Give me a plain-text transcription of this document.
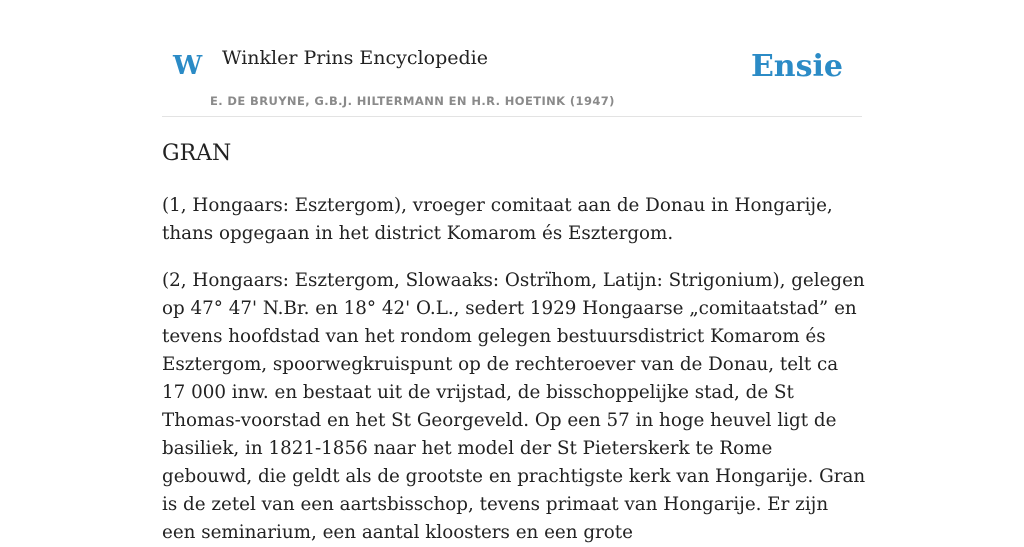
W Winkler Prins Encyclopedie
E. DE BRUYNE, G.B.J. HILTERMANN EN H.R. HOETINK (1947)
Ensie
GRAN

(1, Hongaars: Esztergom), vroeger comitaat aan de Donau in Hongarije, thans opgegaan in het district Komarom és Esztergom.

(2, Hongaars: Esztergom, Slowaaks: Ostrïhom, Latijn: Strigonium), gelegen op 47° 47' N.Br. en 18° 42' O.L., sedert 1929 Hongaarse „comitaatstad” en tevens hoofdstad van het rondom gelegen bestuursdistrict Komarom és Esztergom, spoorwegkruispunt op de rechteroever van de Donau, telt ca 17 000 inw. en bestaat uit de vrijstad, de bisschoppelijke stad, de St Thomas-voorstad en het St Georgeveld. Op een 57 in hoge heuvel ligt de basiliek, in 1821-1856 naar het model der St Pieterskerk te Rome gebouwd, die geldt als de grootste en prachtigste kerk van Hongarije. Gran is de zetel van een aartsbisschop, tevens primaat van Hongarije. Er zijn een seminarium, een aantal kloosters en een grote
